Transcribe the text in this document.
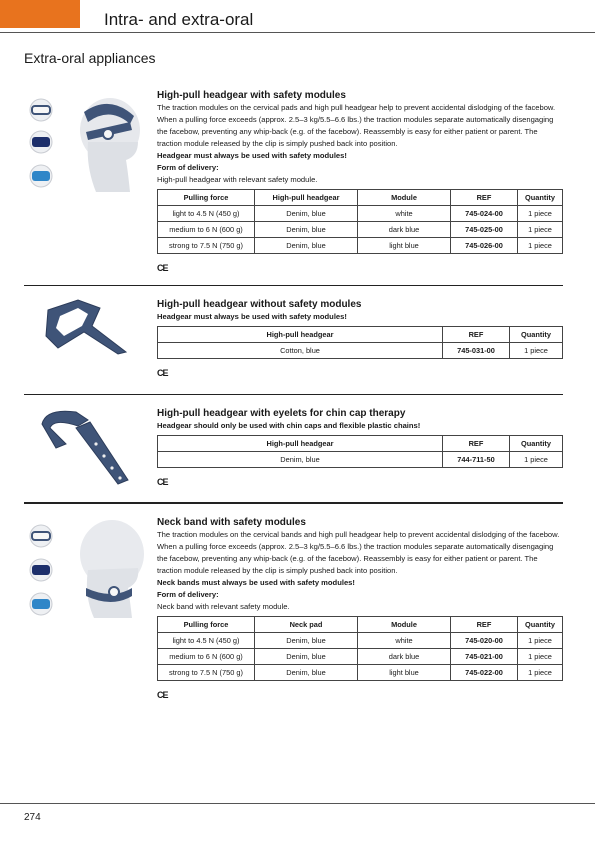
Intra- and extra-oral
Extra-oral appliances
High-pull headgear with safety modules

The traction modules on the cervical pads and high pull headgear help to prevent accidental dislodging of the facebow. When a pulling force exceeds (approx. 2.5–3 kg/5.5–6.6 lbs.) the traction modules separate automatically disengaging the facebow, preventing any whip-back (e.g. of the facebow). Reassembly is easy for either patient or parent. The traction module released by the clip is simply pushed back into position.

Headgear must always be used with safety modules!

Form of delivery:

High-pull headgear with relevant safety module.

Pulling force	High-pull headgear	Module	REF	Quantity
light to 4.5 N (450 g)	Denim, blue	white	745-024-00	1 piece
medium to 6 N (600 g)	Denim, blue	dark blue	745-025-00	1 piece
strong to 7.5 N (750 g)	Denim, blue	light blue	745-026-00	1 piece
CE
High-pull headgear without safety modules

Headgear must always be used with safety modules!

High-pull headgear	REF	Quantity
Cotton, blue	745-031-00	1 piece
CE
High-pull headgear with eyelets for chin cap therapy

Headgear should only be used with chin caps and flexible plastic chains!

High-pull headgear	REF	Quantity
Denim, blue	744-711-50	1 piece
CE
Neck band with safety modules

The traction modules on the cervical bands and high pull headgear help to prevent accidental dislodging of the facebow. When a pulling force exceeds (approx. 2.5–3 kg/5.5–6.6 lbs.) the traction modules separate automatically disengaging the facebow, preventing any whip-back (e.g. of the facebow). Reassembly is easy for either patient or parent. The traction module released by the clip is simply pushed back into position.

Neck bands must always be used with safety modules!

Form of delivery:

Neck band with relevant safety module.

Pulling force	Neck pad	Module	REF	Quantity
light to 4.5 N (450 g)	Denim, blue	white	745-020-00	1 piece
medium to 6 N (600 g)	Denim, blue	dark blue	745-021-00	1 piece
strong to 7.5 N (750 g)	Denim, blue	light blue	745-022-00	1 piece
CE
274
